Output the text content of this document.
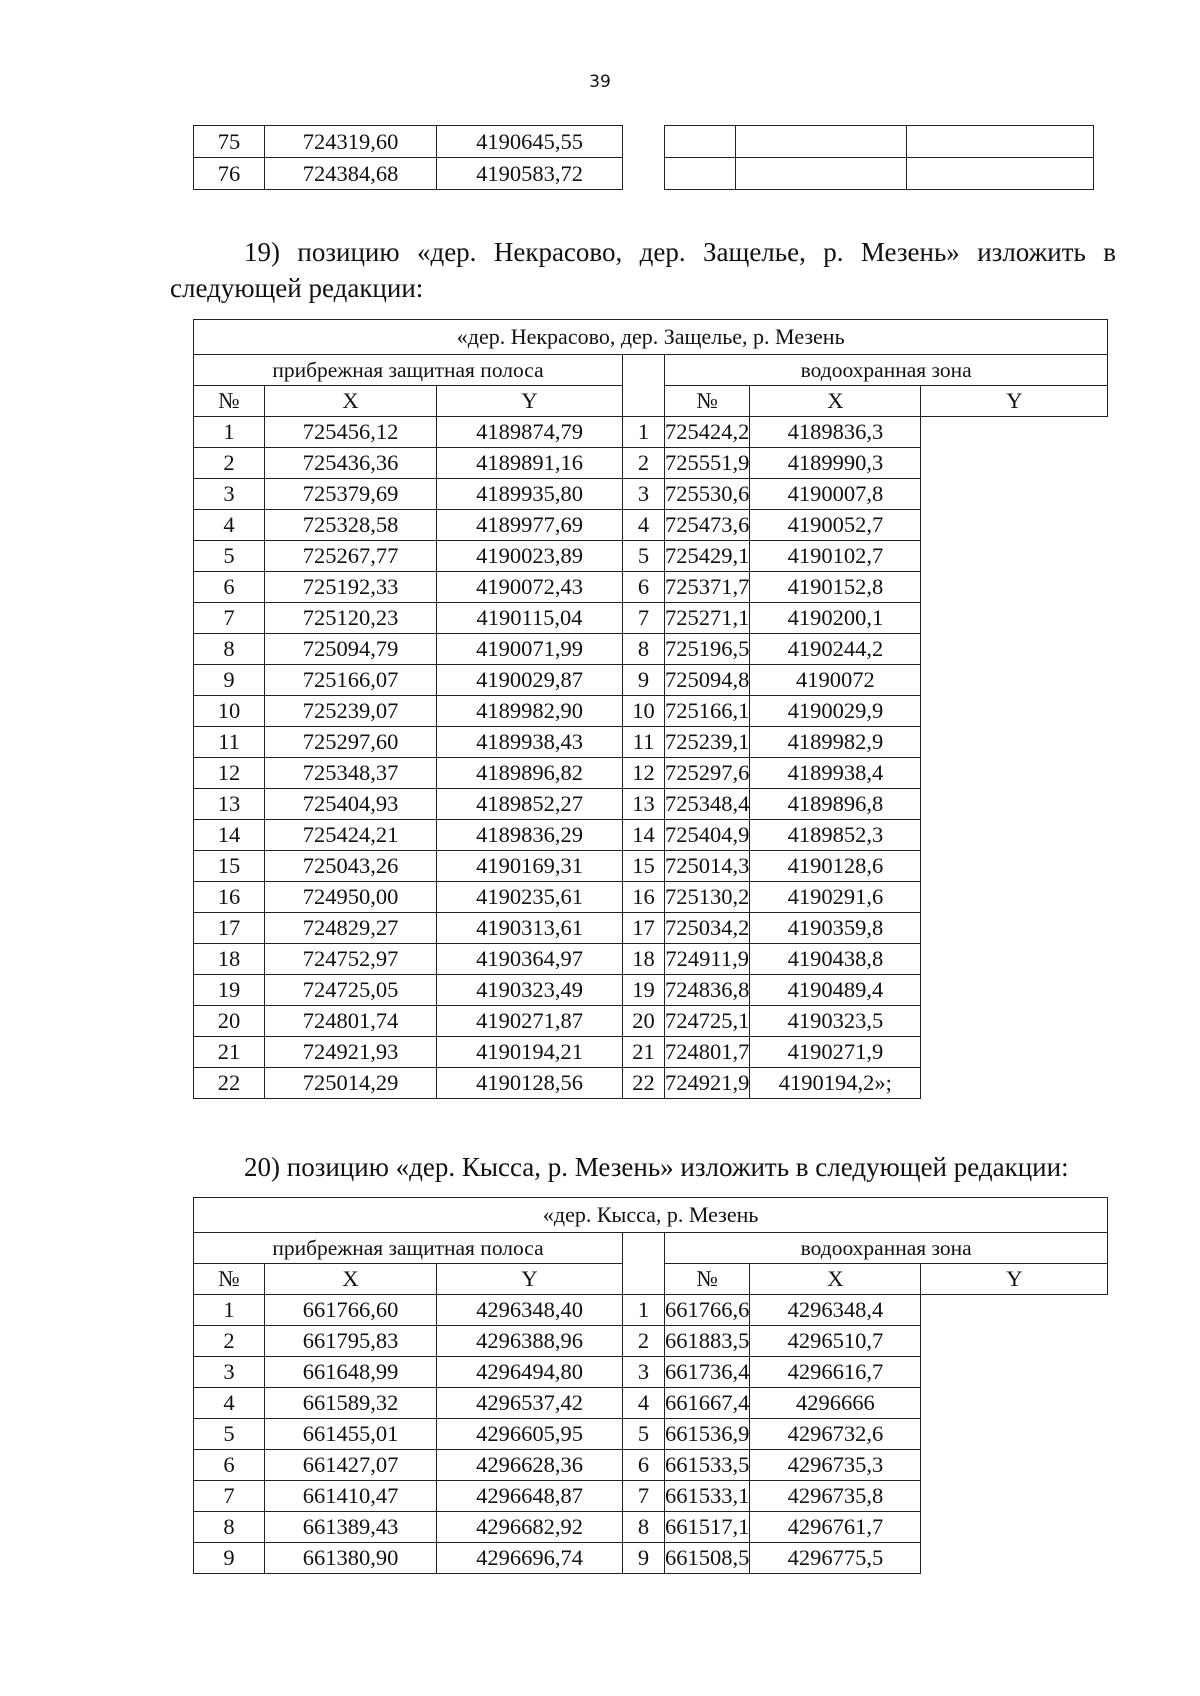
39
75	724319,60	4190645,55				
76	724384,68	4190583,72				

19) позицию «дер. Некрасово, дер. Защелье, р. Мезень» изложить в следующей редакции:

«дер. Некрасово, дер. Защелье, р. Мезень						
прибрежная защитная полоса				водоохранная зона		
№	X	Y		№	X	Y
1	725456,12	4189874,79	1	725424,2	4189836,3	
2	725436,36	4189891,16	2	725551,9	4189990,3	
3	725379,69	4189935,80	3	725530,6	4190007,8	
4	725328,58	4189977,69	4	725473,6	4190052,7	
5	725267,77	4190023,89	5	725429,1	4190102,7	
6	725192,33	4190072,43	6	725371,7	4190152,8	
7	725120,23	4190115,04	7	725271,1	4190200,1	
8	725094,79	4190071,99	8	725196,5	4190244,2	
9	725166,07	4190029,87	9	725094,8	4190072	
10	725239,07	4189982,90	10	725166,1	4190029,9	
11	725297,60	4189938,43	11	725239,1	4189982,9	
12	725348,37	4189896,82	12	725297,6	4189938,4	
13	725404,93	4189852,27	13	725348,4	4189896,8	
14	725424,21	4189836,29	14	725404,9	4189852,3	
15	725043,26	4190169,31	15	725014,3	4190128,6	
16	724950,00	4190235,61	16	725130,2	4190291,6	
17	724829,27	4190313,61	17	725034,2	4190359,8	
18	724752,97	4190364,97	18	724911,9	4190438,8	
19	724725,05	4190323,49	19	724836,8	4190489,4	
20	724801,74	4190271,87	20	724725,1	4190323,5	
21	724921,93	4190194,21	21	724801,7	4190271,9	
22	725014,29	4190128,56	22	724921,9	4190194,2»;	

20) позицию «дер. Кысса, р. Мезень» изложить в следующей редакции:

«дер. Кысса, р. Мезень						
прибрежная защитная полоса				водоохранная зона		
№	X	Y		№	X	Y
1	661766,60	4296348,40	1	661766,6	4296348,4	
2	661795,83	4296388,96	2	661883,5	4296510,7	
3	661648,99	4296494,80	3	661736,4	4296616,7	
4	661589,32	4296537,42	4	661667,4	4296666	
5	661455,01	4296605,95	5	661536,9	4296732,6	
6	661427,07	4296628,36	6	661533,5	4296735,3	
7	661410,47	4296648,87	7	661533,1	4296735,8	
8	661389,43	4296682,92	8	661517,1	4296761,7	
9	661380,90	4296696,74	9	661508,5	4296775,5	
